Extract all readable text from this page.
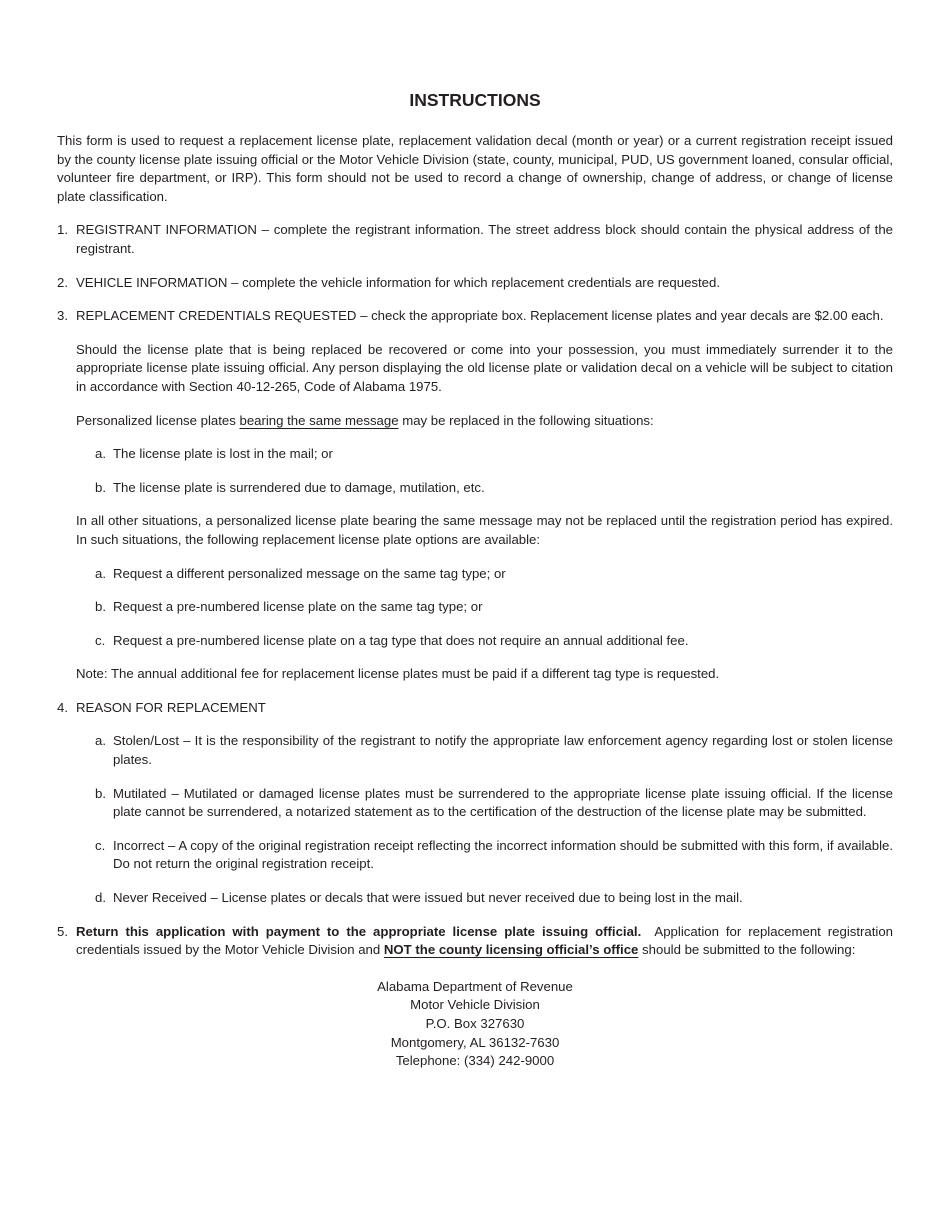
INSTRUCTIONS

This form is used to request a replacement license plate, replacement validation decal (month or year) or a current registration receipt issued by the county license plate issuing official or the Motor Vehicle Division (state, county, municipal, PUD, US government loaned, consular official, volunteer fire department, or IRP). This form should not be used to record a change of ownership, change of address, or change of license plate classification.

1. REGISTRANT INFORMATION – complete the registrant information. The street address block should contain the physical address of the registrant.

2. VEHICLE INFORMATION – complete the vehicle information for which replacement credentials are requested.

3. REPLACEMENT CREDENTIALS REQUESTED – check the appropriate box. Replacement license plates and year decals are $2.00 each.

Should the license plate that is being replaced be recovered or come into your possession, you must immediately surrender it to the appropriate license plate issuing official. Any person displaying the old license plate or validation decal on a vehicle will be subject to citation in accordance with Section 40-12-265, Code of Alabama 1975.

Personalized license plates bearing the same message may be replaced in the following situations:

a. The license plate is lost in the mail; or

b. The license plate is surrendered due to damage, mutilation, etc.

In all other situations, a personalized license plate bearing the same message may not be replaced until the registration period has expired. In such situations, the following replacement license plate options are available:

a. Request a different personalized message on the same tag type; or

b. Request a pre-numbered license plate on the same tag type; or

c. Request a pre-numbered license plate on a tag type that does not require an annual additional fee.

Note: The annual additional fee for replacement license plates must be paid if a different tag type is requested.

4. REASON FOR REPLACEMENT

a. Stolen/Lost – It is the responsibility of the registrant to notify the appropriate law enforcement agency regarding lost or stolen license plates.

b. Mutilated – Mutilated or damaged license plates must be surrendered to the appropriate license plate issuing official. If the license plate cannot be surrendered, a notarized statement as to the certification of the destruction of the license plate may be submitted.

c. Incorrect – A copy of the original registration receipt reflecting the incorrect information should be submitted with this form, if available. Do not return the original registration receipt.

d. Never Received – License plates or decals that were issued but never received due to being lost in the mail.

5. Return this application with payment to the appropriate license plate issuing official.  Application for replacement registration credentials issued by the Motor Vehicle Division and NOT the county licensing official’s office should be submitted to the following:

Alabama Department of Revenue
Motor Vehicle Division
P.O. Box 327630
Montgomery, AL 36132-7630
Telephone: (334) 242-9000
